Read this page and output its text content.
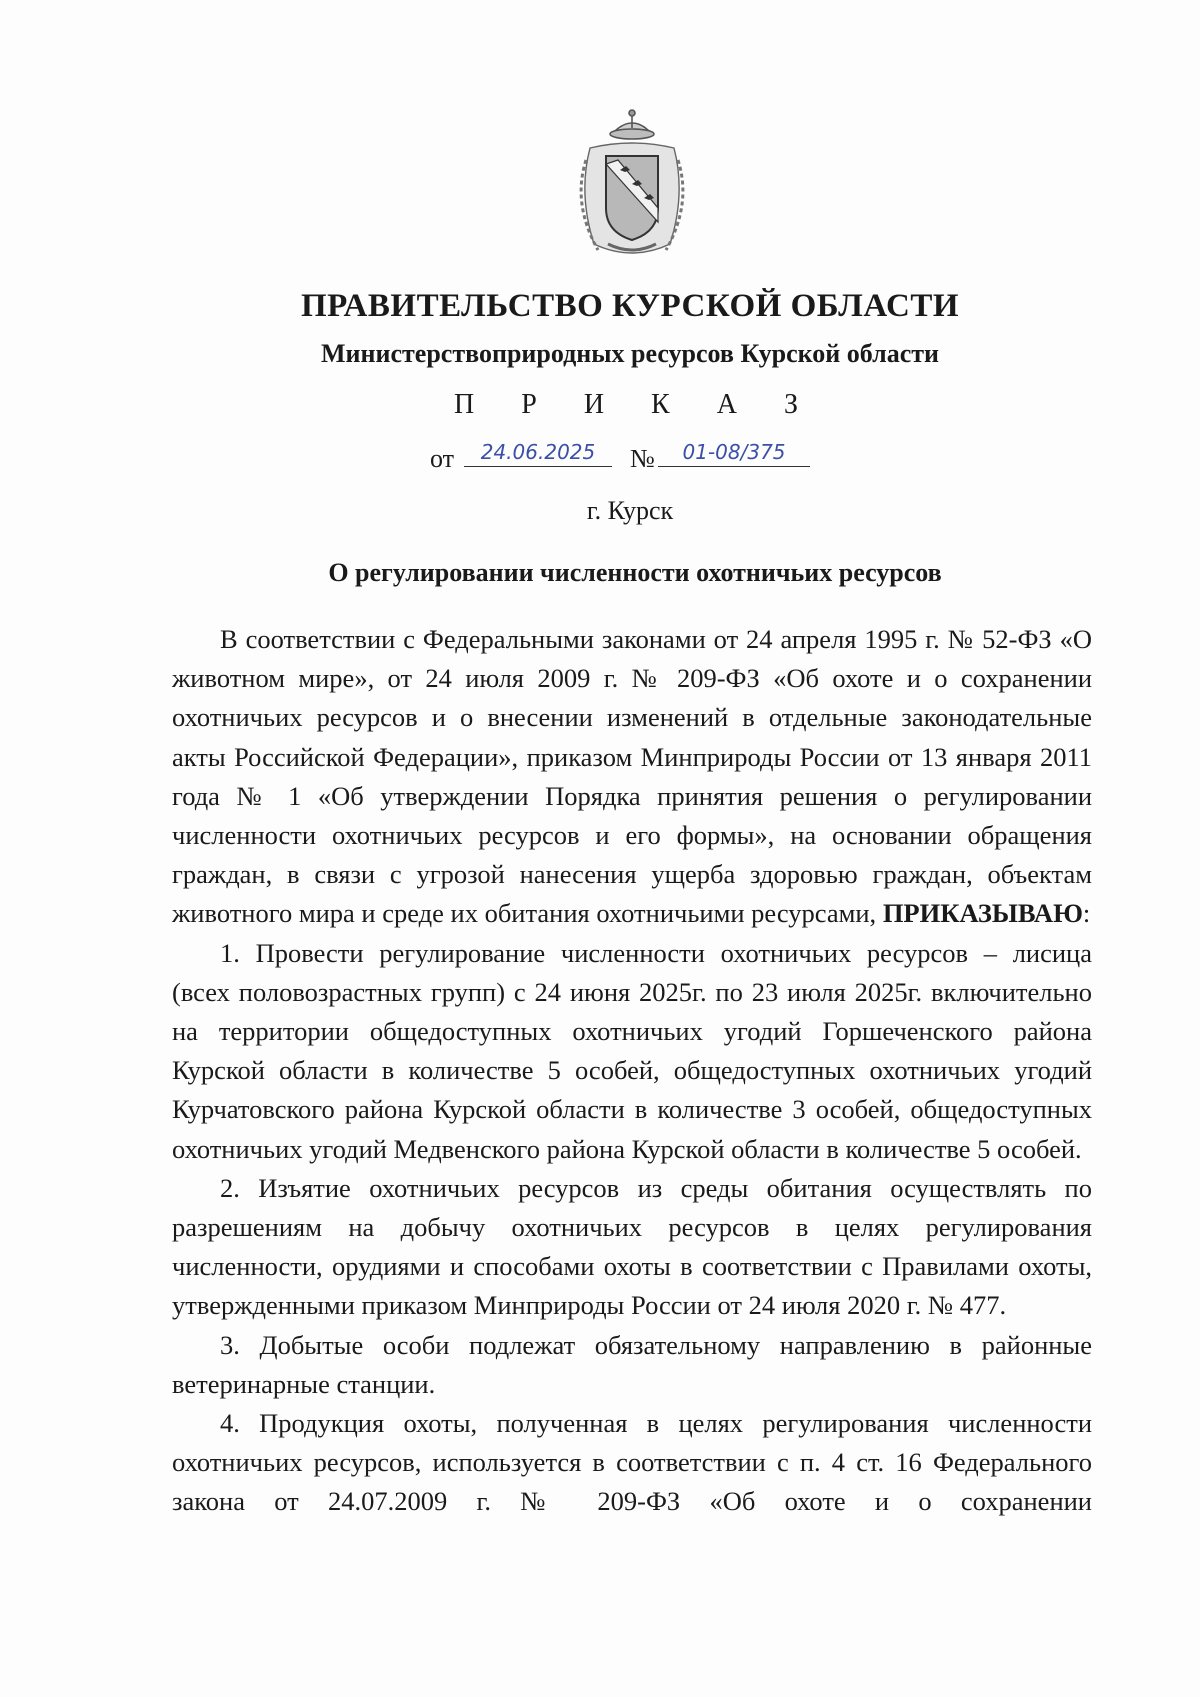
ПРАВИТЕЛЬСТВО КУРСКОЙ ОБЛАСТИ
Министерствоприродных ресурсов Курской области
П Р И К А З
от	24.06.2025	№	01-08/375
г. Курск
О регулировании численности охотничьих ресурсов

В соответствии с Федеральными законами от 24 апреля 1995 г. № 52-ФЗ «О животном мире», от 24 июля 2009 г. № 209-ФЗ «Об охоте и о сохранении охотничьих ресурсов и о внесении изменений в отдельные законодательные акты Российской Федерации», приказом Минприроды России от 13 января 2011 года № 1 «Об утверждении Порядка принятия решения о регулировании численности охотничьих ресурсов и его формы», на основании обращения граждан, в связи с угрозой нанесения ущерба здоровью граждан, объектам животного мира и среде их обитания охотничьими ресурсами, ПРИКАЗЫВАЮ:

1. Провести регулирование численности охотничьих ресурсов – лисица (всех половозрастных групп) с 24 июня 2025г. по 23 июля 2025г. включительно на территории общедоступных охотничьих угодий Горшеченского района Курской области в количестве 5 особей, общедоступных охотничьих угодий Курчатовского района Курской области в количестве 3 особей, общедоступных охотничьих угодий Медвенского района Курской области в количестве 5 особей.

2. Изъятие охотничьих ресурсов из среды обитания осуществлять по разрешениям на добычу охотничьих ресурсов в целях регулирования численности, орудиями и способами охоты в соответствии с Правилами охоты, утвержденными приказом Минприроды России от 24 июля 2020 г. № 477.

3. Добытые особи подлежат обязательному направлению в районные ветеринарные станции.

4. Продукция охоты, полученная в целях регулирования численности охотничьих ресурсов, используется в соответствии с п. 4 ст. 16 Федерального закона от 24.07.2009 г. № 209-ФЗ «Об охоте и о сохранении
